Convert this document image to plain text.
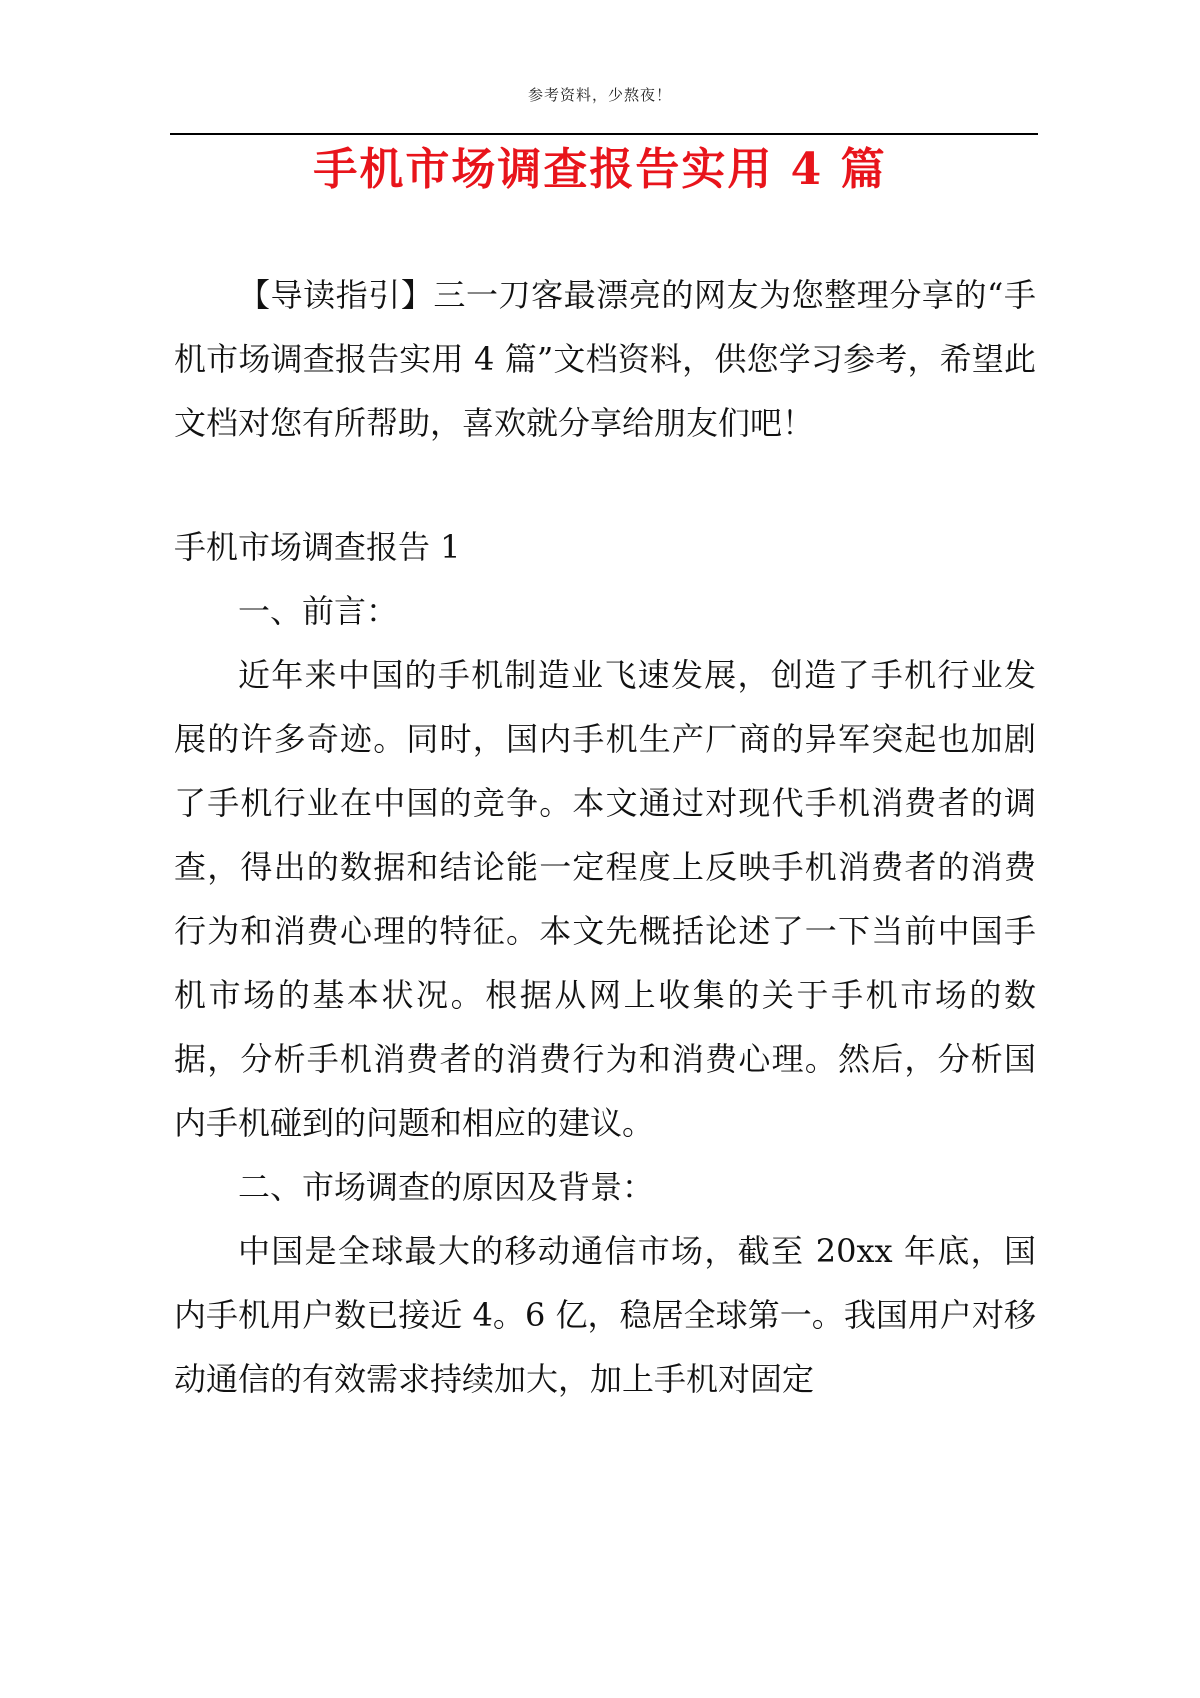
参考资料，少熬夜！
手机市场调查报告实用 4 篇

【导读指引】三一刀客最漂亮的网友为您整理分享的“手机市场调查报告实用 4 篇”文档资料，供您学习参考，希望此文档对您有所帮助，喜欢就分享给朋友们吧！

手机市场调查报告 1

一、前言：

近年来中国的手机制造业飞速发展，创造了手机行业发展的许多奇迹。同时，国内手机生产厂商的异军突起也加剧了手机行业在中国的竞争。本文通过对现代手机消费者的调查，得出的数据和结论能一定程度上反映手机消费者的消费行为和消费心理的特征。本文先概括论述了一下当前中国手机市场的基本状况。根据从网上收集的关于手机市场的数据，分析手机消费者的消费行为和消费心理。然后，分析国内手机碰到的问题和相应的建议。

二、市场调查的原因及背景：

中国是全球最大的移动通信市场，截至 20xx 年底，国内手机用户数已接近 4。6 亿，稳居全球第一。我国用户对移动通信的有效需求持续加大，加上手机对固定
